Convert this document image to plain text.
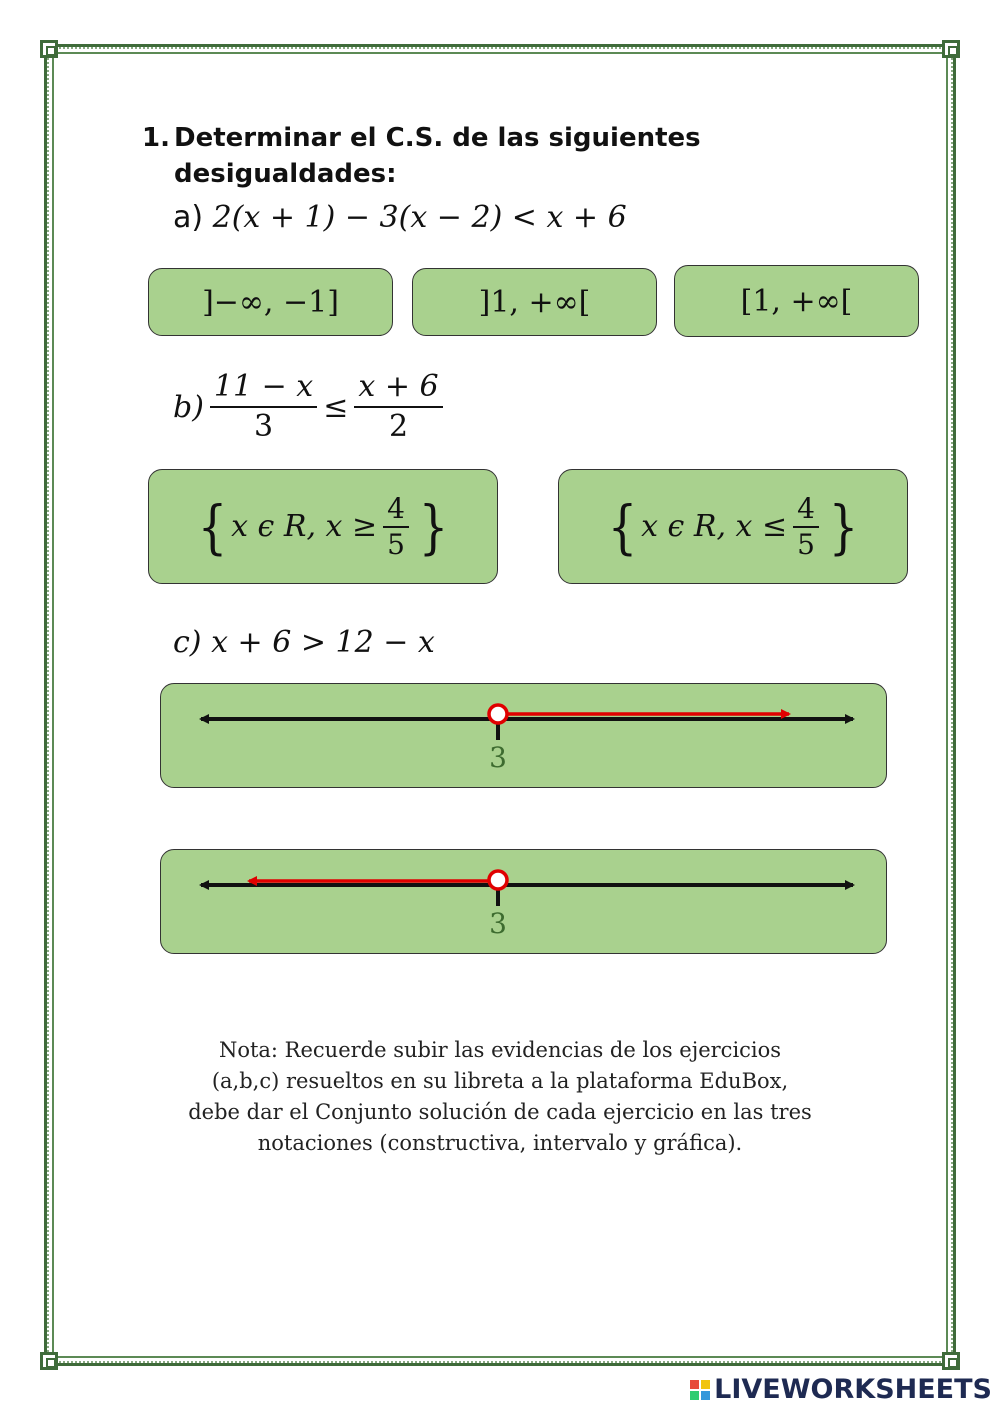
1. Determinar el C.S. de las siguientes
desigualdades:
a) 2(x + 1) − 3(x − 2) < x + 6
]−∞, −1]	]1, +∞[	[1, +∞[
$b) \frac{11 - x}{3} \le \frac{x + 6}{2}$
{ x ϵ R, $x \ge \frac{4}{5}$ }	{ x ϵ R, $x \le \frac{4}{5}$ }
c) x + 6 > 12 − x
3
3
Nota: Recuerde subir las evidencias de los ejercicios
(a,b,c) resueltos en su libreta a la plataforma EduBox,
debe dar el Conjunto solución de cada ejercicio en las tres
notaciones (constructiva, intervalo y gráfica).
LIVEWORKSHEETS
